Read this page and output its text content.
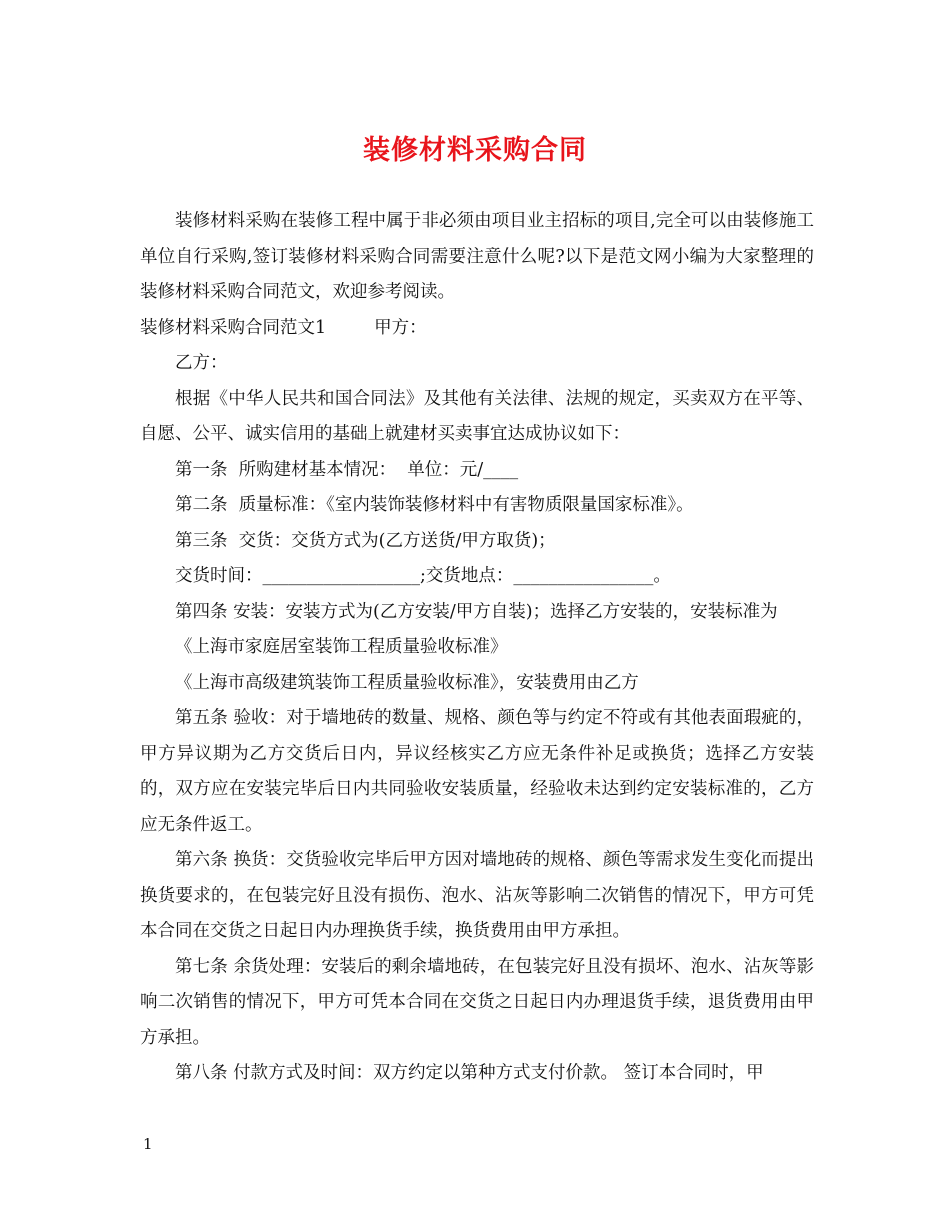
装修材料采购合同

装修材料采购在装修工程中属于非必须由项目业主招标的项目,完全可以由装修施工单位自行采购,签订装修材料采购合同需要注意什么呢?以下是范文网小编为大家整理的装修材料采购合同范文，欢迎参考阅读。

装修材料采购合同范文1	甲方：

乙方：

根据《中华人民共和国合同法》及其他有关法律、法规的规定，买卖双方在平等、自愿、公平、诚实信用的基础上就建材买卖事宜达成协议如下：

第一条  所购建材基本情况：  单位：元/____

第二条  质量标准：《室内装饰装修材料中有害物质限量国家标准》。

第三条  交货：交货方式为(乙方送货/甲方取货)；

交货时间：__________________;交货地点：________________。

第四条 安装：安装方式为(乙方安装/甲方自装)；选择乙方安装的，安装标准为

《上海市家庭居室装饰工程质量验收标准》

《上海市高级建筑装饰工程质量验收标准》，安装费用由乙方

第五条 验收：对于墙地砖的数量、规格、颜色等与约定不符或有其他表面瑕疵的，甲方异议期为乙方交货后日内，异议经核实乙方应无条件补足或换货；选择乙方安装的，双方应在安装完毕后日内共同验收安装质量，经验收未达到约定安装标准的，乙方应无条件返工。

第六条 换货：交货验收完毕后甲方因对墙地砖的规格、颜色等需求发生变化而提出换货要求的，在包装完好且没有损伤、泡水、沾灰等影响二次销售的情况下，甲方可凭本合同在交货之日起日内办理换货手续，换货费用由甲方承担。

第七条 余货处理：安装后的剩余墙地砖，在包装完好且没有损坏、泡水、沾灰等影响二次销售的情况下，甲方可凭本合同在交货之日起日内办理退货手续，退货费用由甲方承担。

第八条 付款方式及时间：双方约定以第种方式支付价款。 签订本合同时，甲

1
